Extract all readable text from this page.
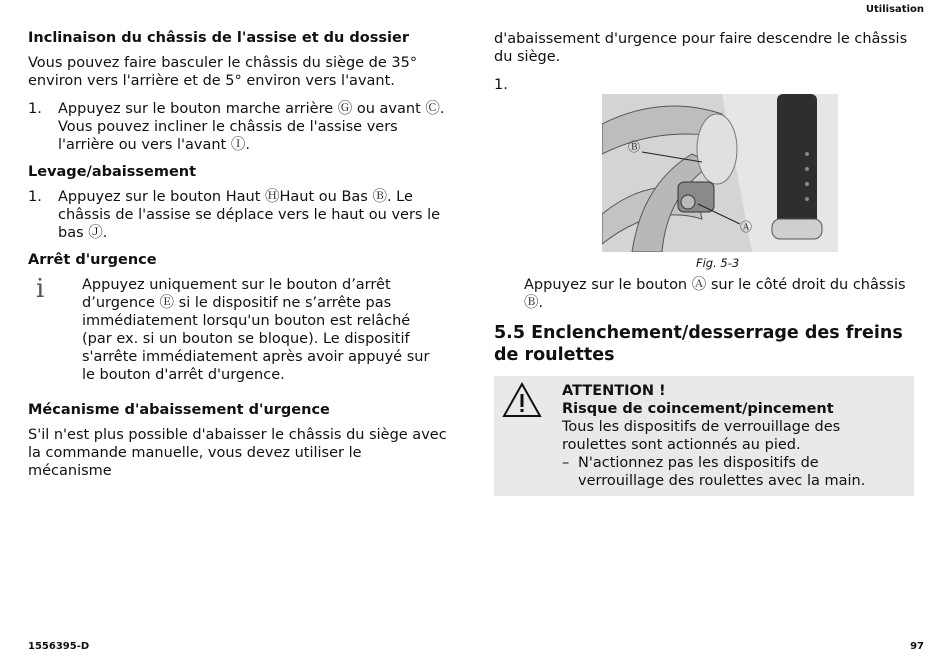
Utilisation
Inclinaison du châssis de l'assise et du dossier
Vous pouvez faire basculer le châssis du siège de 35° environ vers l'arrière et de 5° environ vers l'avant.
1.	Appuyez sur le bouton marche arrière Ⓖ ou avant Ⓒ. Vous pouvez incliner le châssis de l'assise vers l'arrière ou vers l'avant Ⓘ.
Levage/abaissement
1.	Appuyez sur le bouton Haut ⒽHaut ou Bas Ⓑ. Le châssis de l'assise se déplace vers le haut ou vers le bas Ⓙ.
Arrêt d'urgence
i	Appuyez uniquement sur le bouton d’arrêt d’urgence Ⓔ si le dispositif ne s’arrête pas immédiatement lorsqu'un bouton est relâché (par ex. si un bouton se bloque). Le dispositif s'arrête immédiatement après avoir appuyé sur le bouton d'arrêt d'urgence.
Mécanisme d'abaissement d'urgence
S'il n'est plus possible d'abaisser le châssis du siège avec la commande manuelle, vous devez utiliser le mécanisme
d'abaissement d'urgence pour faire descendre le châssis du siège.
1.
Ⓑ
Ⓐ
Fig. 5-3
Appuyez sur le bouton Ⓐ sur le côté droit du châssis Ⓑ.
5.5 Enclenchement/desserrage des freins de roulettes
ATTENTION !
Risque de coincement/pincement
Tous les dispositifs de verrouillage des roulettes sont actionnés au pied.
– N'actionnez pas les dispositifs de verrouillage des roulettes avec la main.
1556395-D	97
